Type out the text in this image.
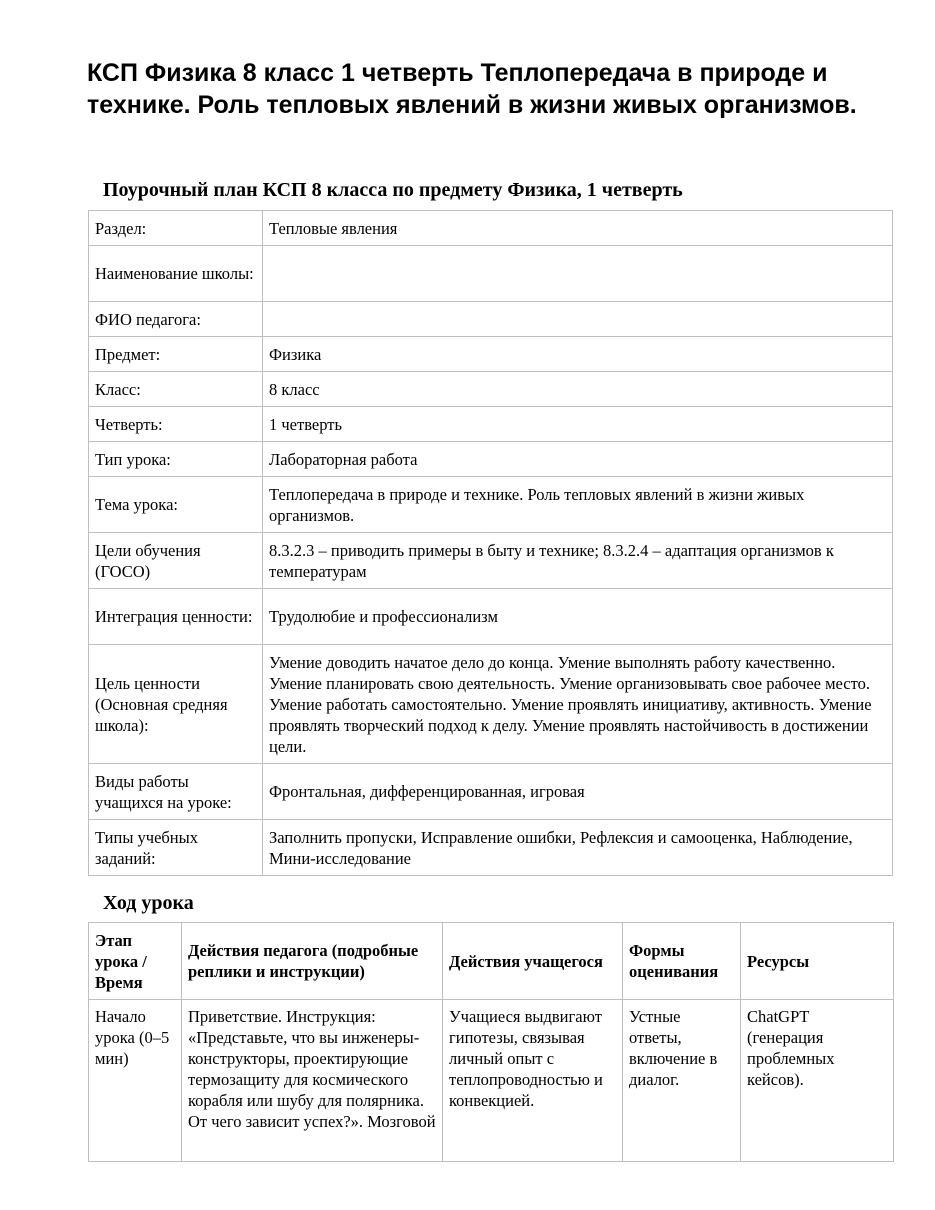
КСП Физика 8 класс 1 четверть Теплопередача в природе и технике. Роль тепловых явлений в жизни живых организмов.
Поурочный план КСП 8 класса по предмету Физика, 1 четверть
Раздел:	Тепловые явления
Наименование школы:	
ФИО педагога:	
Предмет:	Физика
Класс:	8 класс
Четверть:	1 четверть
Тип урока:	Лабораторная работа
Тема урока:	Теплопередача в природе и технике. Роль тепловых явлений в жизни живых организмов.
Цели обучения (ГОСО)	8.3.2.3 – приводить примеры в быту и технике; 8.3.2.4 – адаптация организмов к температурам
Интеграция ценности:	Трудолюбие и профессионализм
Цель ценности (Основная средняя школа):	Умение доводить начатое дело до конца. Умение выполнять работу качественно. Умение планировать свою деятельность. Умение организовывать свое рабочее место. Умение работать самостоятельно. Умение проявлять инициативу, активность. Умение проявлять творческий подход к делу. Умение проявлять настойчивость в достижении цели.
Виды работы учащихся на уроке:	Фронтальная, дифференцированная, игровая
Типы учебных заданий:	Заполнить пропуски, Исправление ошибки, Рефлексия и самооценка, Наблюдение, Мини-исследование
Ход урока
Этап урока / Время	Действия педагога (подробные реплики и инструкции)	Действия учащегося	Формы оценивания	Ресурсы

Начало урока (0–5 мин)	Приветствие. Инструкция: «Представьте, что вы инженеры-конструкторы, проектирующие термозащиту для космического корабля или шубу для полярника. От чего зависит успех?». Мозговой	Учащиеся выдвигают гипотезы, связывая личный опыт с теплопроводностью и конвекцией.	Устные ответы, включение в диалог.	ChatGPT (генерация проблемных кейсов).
